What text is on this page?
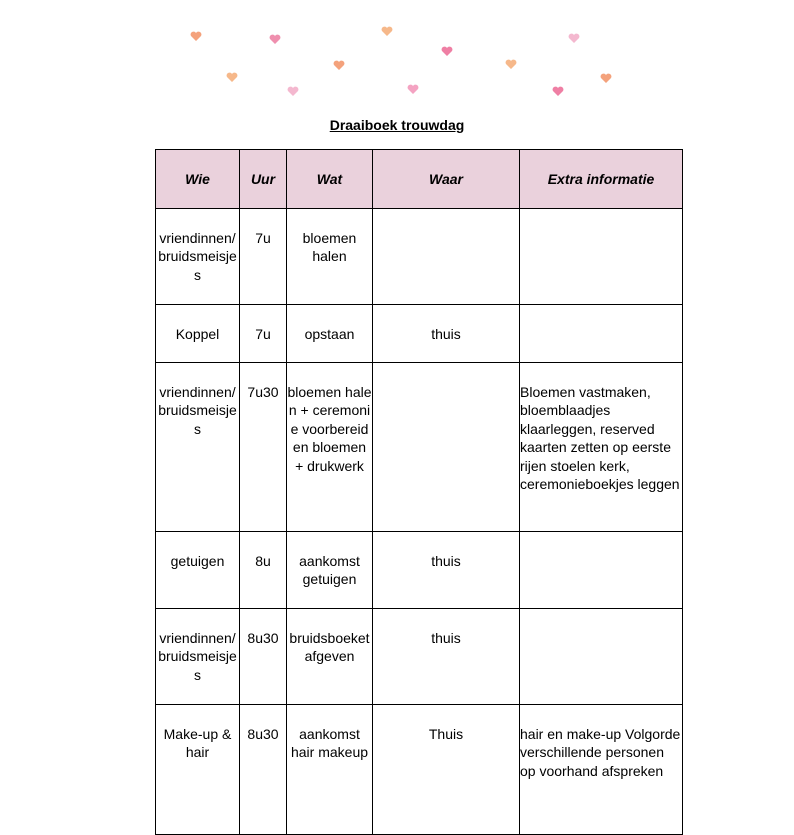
Draaiboek trouwdag
Wie	Uur	Wat	Waar	Extra informatie
vriendinnen/bruidsmeisjes	7u	bloemen halen		
Koppel	7u	opstaan	thuis	
vriendinnen/bruidsmeisjes	7u30	bloemen halen + ceremonie voorbereiden bloemen + drukwerk		Bloemen vastmaken, bloemblaadjes klaarleggen, reserved kaarten zetten op eerste rijen stoelen kerk, ceremonieboekjes leggen
getuigen	8u	aankomst getuigen	thuis	
vriendinnen/bruidsmeisjes	8u30	bruidsboeket afgeven	thuis	
Make-up & hair	8u30	aankomst hair makeup	Thuis	hair en make-up Volgorde verschillende personen op voorhand afspreken
